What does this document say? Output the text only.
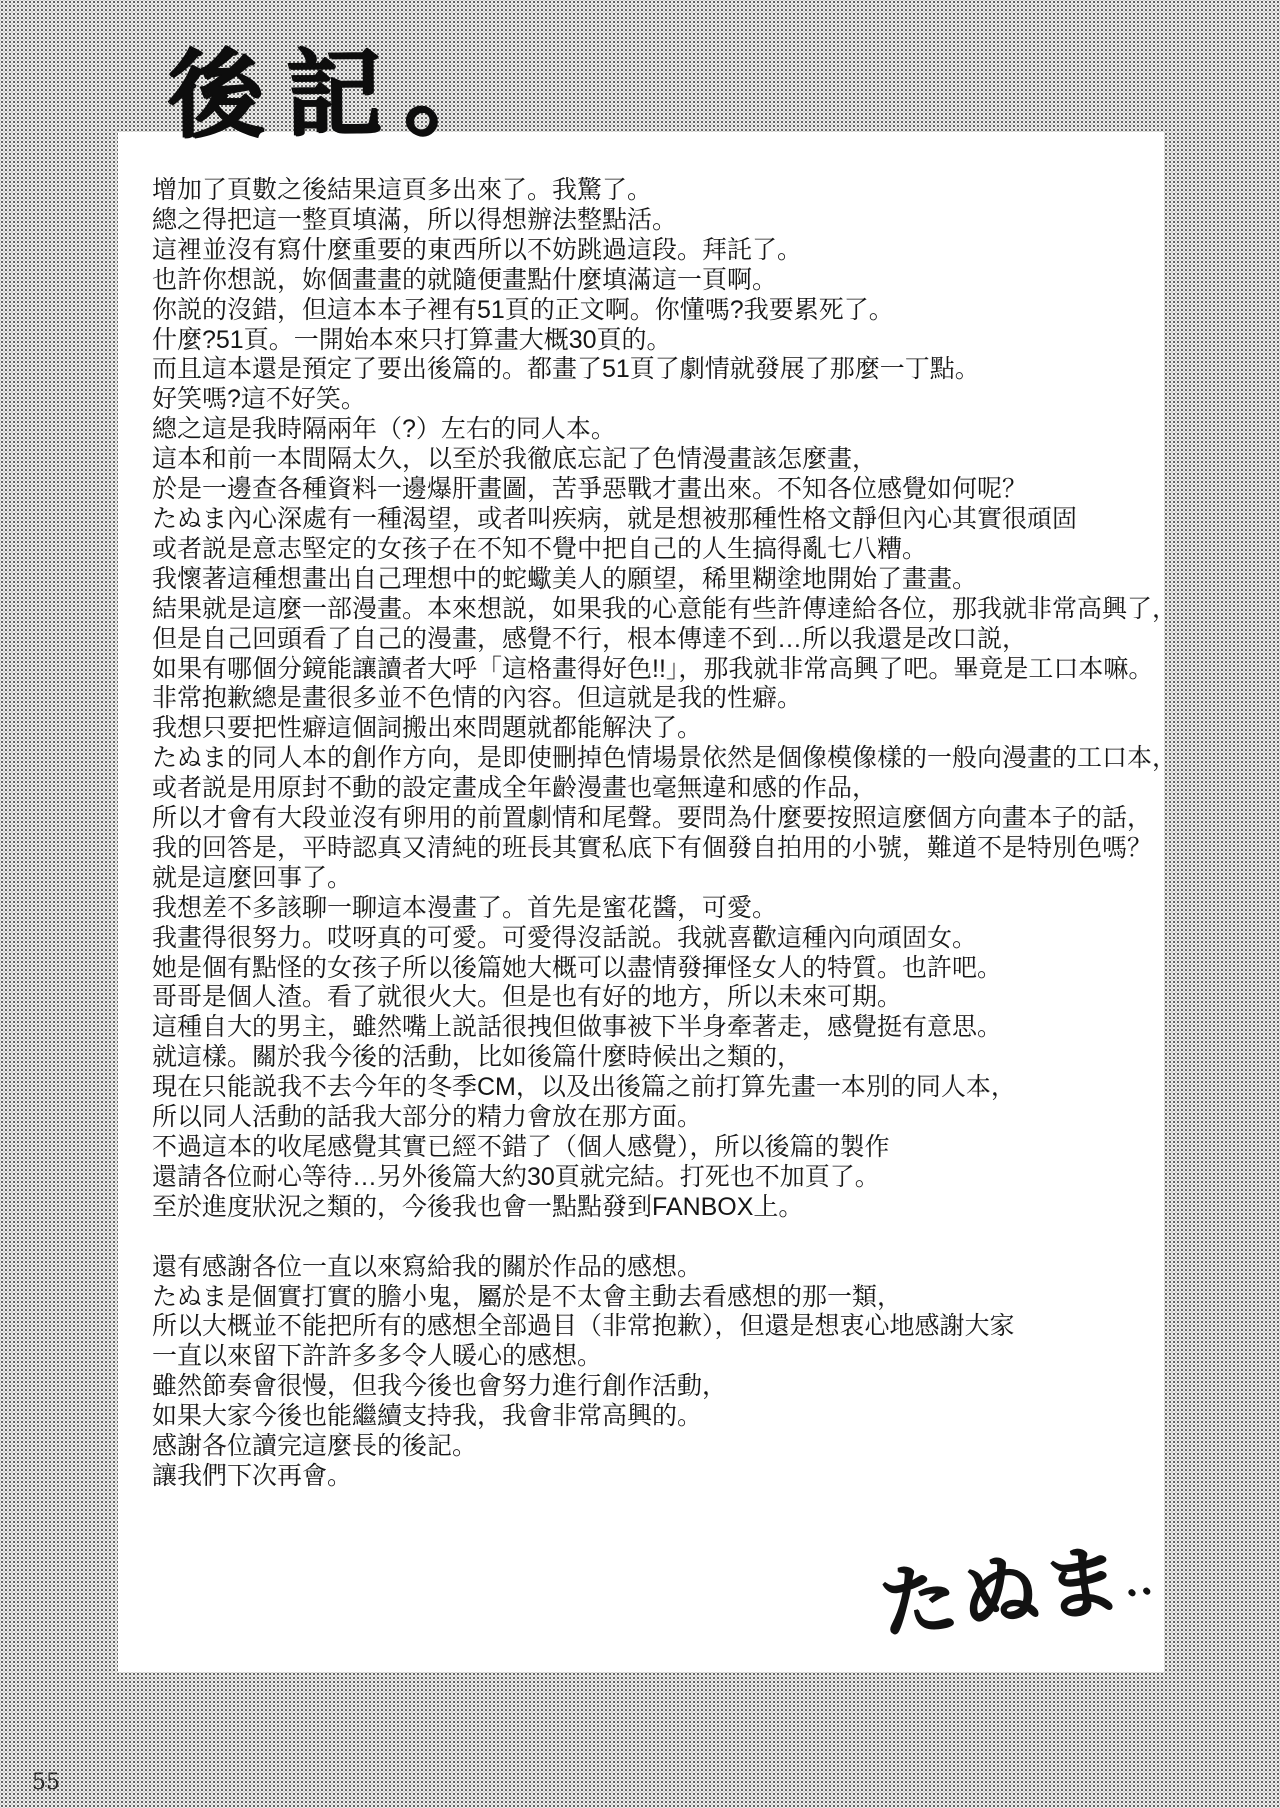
後記。
增加了頁數之後結果這頁多出來了。我驚了。
總之得把這一整頁填滿，所以得想辦法整點活。
這裡並沒有寫什麼重要的東西所以不妨跳過這段。拜託了。
也許你想説，妳個畫畫的就隨便畫點什麼填滿這一頁啊。
你説的沒錯，但這本本子裡有51頁的正文啊。你懂嗎?我要累死了。
什麼?51頁。一開始本來只打算畫大概30頁的。
而且這本還是預定了要出後篇的。都畫了51頁了劇情就發展了那麼一丁點。
好笑嗎?這不好笑。
總之這是我時隔兩年（?）左右的同人本。
這本和前一本間隔太久，以至於我徹底忘記了色情漫畫該怎麼畫，
於是一邊查各種資料一邊爆肝畫圖，苦爭惡戰才畫出來。不知各位感覺如何呢？
たぬま內心深處有一種渴望，或者叫疾病，就是想被那種性格文靜但內心其實很頑固
或者説是意志堅定的女孩子在不知不覺中把自己的人生搞得亂七八糟。
我懷著這種想畫出自己理想中的蛇蠍美人的願望，稀里糊塗地開始了畫畫。
結果就是這麼一部漫畫。本來想説，如果我的心意能有些許傳達給各位，那我就非常高興了，
但是自己回頭看了自己的漫畫，感覺不行，根本傳達不到…所以我還是改口説，
如果有哪個分鏡能讓讀者大呼「這格畫得好色!!」，那我就非常高興了吧。畢竟是工口本嘛。
非常抱歉總是畫很多並不色情的內容。但這就是我的性癖。
我想只要把性癖這個詞搬出來問題就都能解決了。
たぬま的同人本的創作方向，是即使刪掉色情場景依然是個像模像樣的一般向漫畫的工口本，
或者説是用原封不動的設定畫成全年齡漫畫也毫無違和感的作品，
所以才會有大段並沒有卵用的前置劇情和尾聲。要問為什麼要按照這麼個方向畫本子的話，
我的回答是，平時認真又清純的班長其實私底下有個發自拍用的小號，難道不是特別色嗎？
就是這麼回事了。
我想差不多該聊一聊這本漫畫了。首先是蜜花醬，可愛。
我畫得很努力。哎呀真的可愛。可愛得沒話説。我就喜歡這種內向頑固女。
她是個有點怪的女孩子所以後篇她大概可以盡情發揮怪女人的特質。也許吧。
哥哥是個人渣。看了就很火大。但是也有好的地方，所以未來可期。
這種自大的男主，雖然嘴上説話很拽但做事被下半身牽著走，感覺挺有意思。
就這樣。關於我今後的活動，比如後篇什麼時候出之類的，
現在只能説我不去今年的冬季CM，以及出後篇之前打算先畫一本別的同人本，
所以同人活動的話我大部分的精力會放在那方面。
不過這本的收尾感覺其實已經不錯了（個人感覺），所以後篇的製作
還請各位耐心等待…另外後篇大約30頁就完結。打死也不加頁了。
至於進度狀況之類的，今後我也會一點點發到FANBOX上。
還有感謝各位一直以來寫給我的關於作品的感想。
たぬま是個實打實的膽小鬼，屬於是不太會主動去看感想的那一類，
所以大概並不能把所有的感想全部過目（非常抱歉），但還是想衷心地感謝大家
一直以來留下許許多多令人暖心的感想。
雖然節奏會很慢，但我今後也會努力進行創作活動，
如果大家今後也能繼續支持我，我會非常高興的。
感謝各位讀完這麼長的後記。
讓我們下次再會。
たぬま..
55
